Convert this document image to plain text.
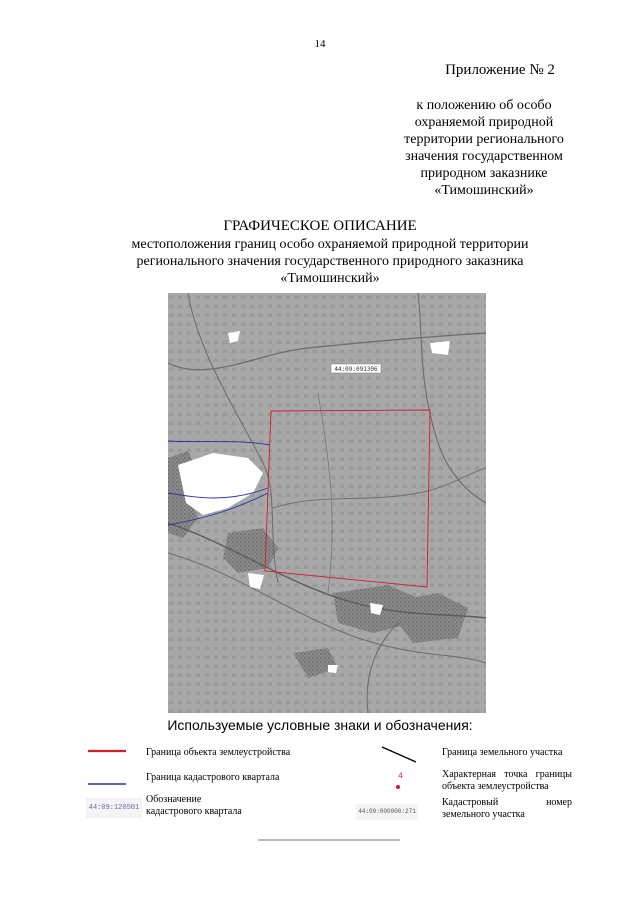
14
Приложение № 2
к положению об особо
охраняемой природной
территории регионального
значения государственном
природном заказнике
«Тимошинский»
ГРАФИЧЕСКОЕ ОПИСАНИЕ
местоположения границ особо охраняемой природной территории
регионального значения государственного природного заказника
«Тимошинский»
44:09:091306
Используемые условные знаки и обозначения:
Граница объекта землеустройства
Граница кадастрового квартала
44:09:120501
Обозначение кадастрового квартала
Граница земельного участка
4	Характерная точка границы объекта землеустройства
44:09:000000:271
Кадастровый номер земельного участка
